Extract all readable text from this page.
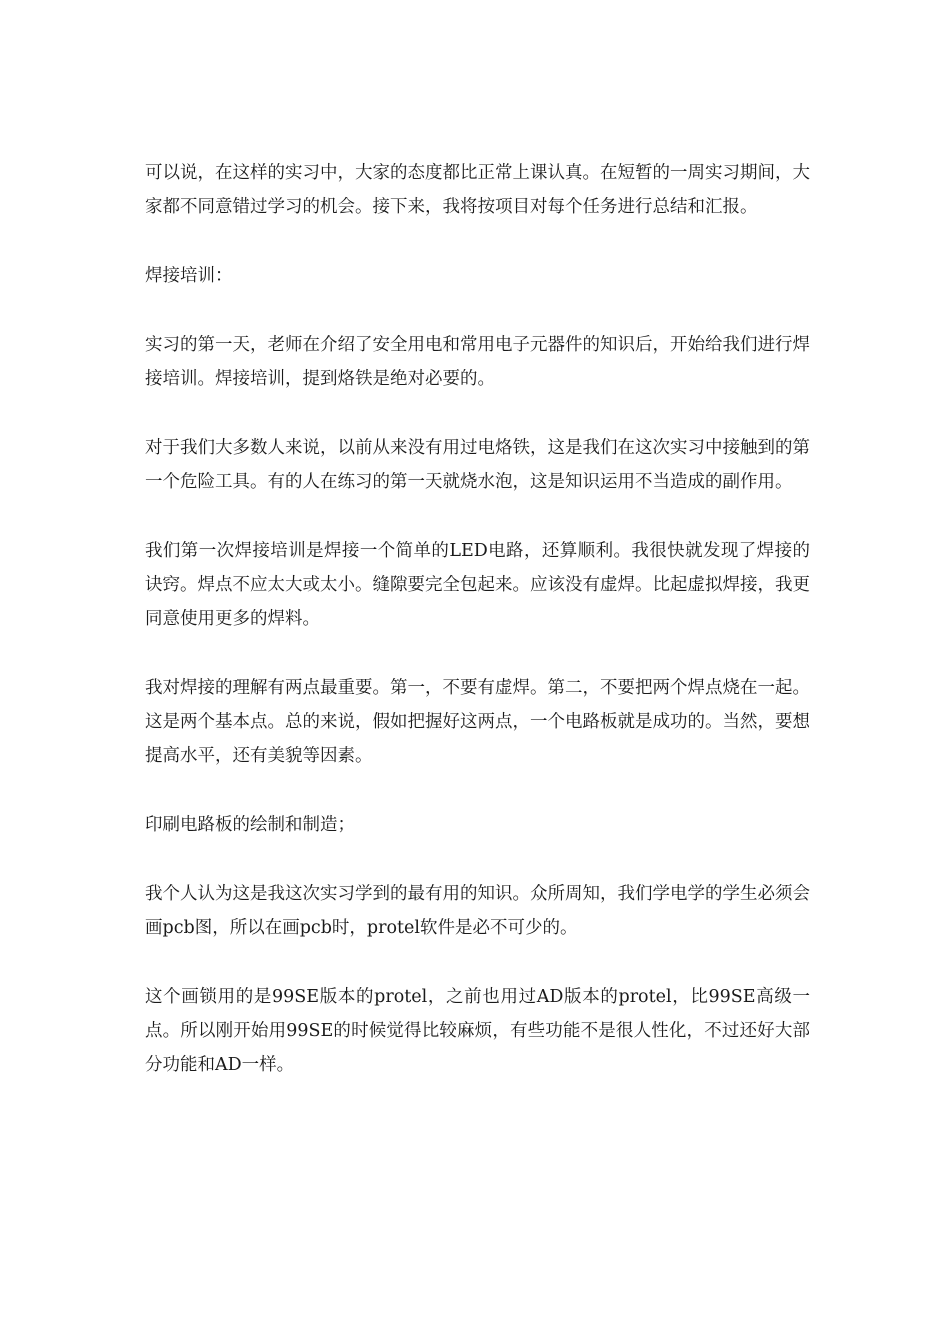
可以说，在这样的实习中，大家的态度都比正常上课认真。在短暂的一周实习期间，大家都不同意错过学习的机会。接下来，我将按项目对每个任务进行总结和汇报。

焊接培训：

实习的第一天，老师在介绍了安全用电和常用电子元器件的知识后，开始给我们进行焊接培训。焊接培训，提到烙铁是绝对必要的。

对于我们大多数人来说，以前从来没有用过电烙铁，这是我们在这次实习中接触到的第一个危险工具。有的人在练习的第一天就烧水泡，这是知识运用不当造成的副作用。

我们第一次焊接培训是焊接一个简单的LED电路，还算顺利。我很快就发现了焊接的诀窍。焊点不应太大或太小。缝隙要完全包起来。应该没有虚焊。比起虚拟焊接，我更同意使用更多的焊料。

我对焊接的理解有两点最重要。第一，不要有虚焊。第二，不要把两个焊点烧在一起。这是两个基本点。总的来说，假如把握好这两点，一个电路板就是成功的。当然，要想提高水平，还有美貌等因素。

印刷电路板的绘制和制造；

我个人认为这是我这次实习学到的最有用的知识。众所周知，我们学电学的学生必须会画pcb图，所以在画pcb时，protel软件是必不可少的。

这个画锁用的是99SE版本的protel，之前也用过AD版本的protel，比99SE高级一点。所以刚开始用99SE的时候觉得比较麻烦，有些功能不是很人性化，不过还好大部分功能和AD一样。
